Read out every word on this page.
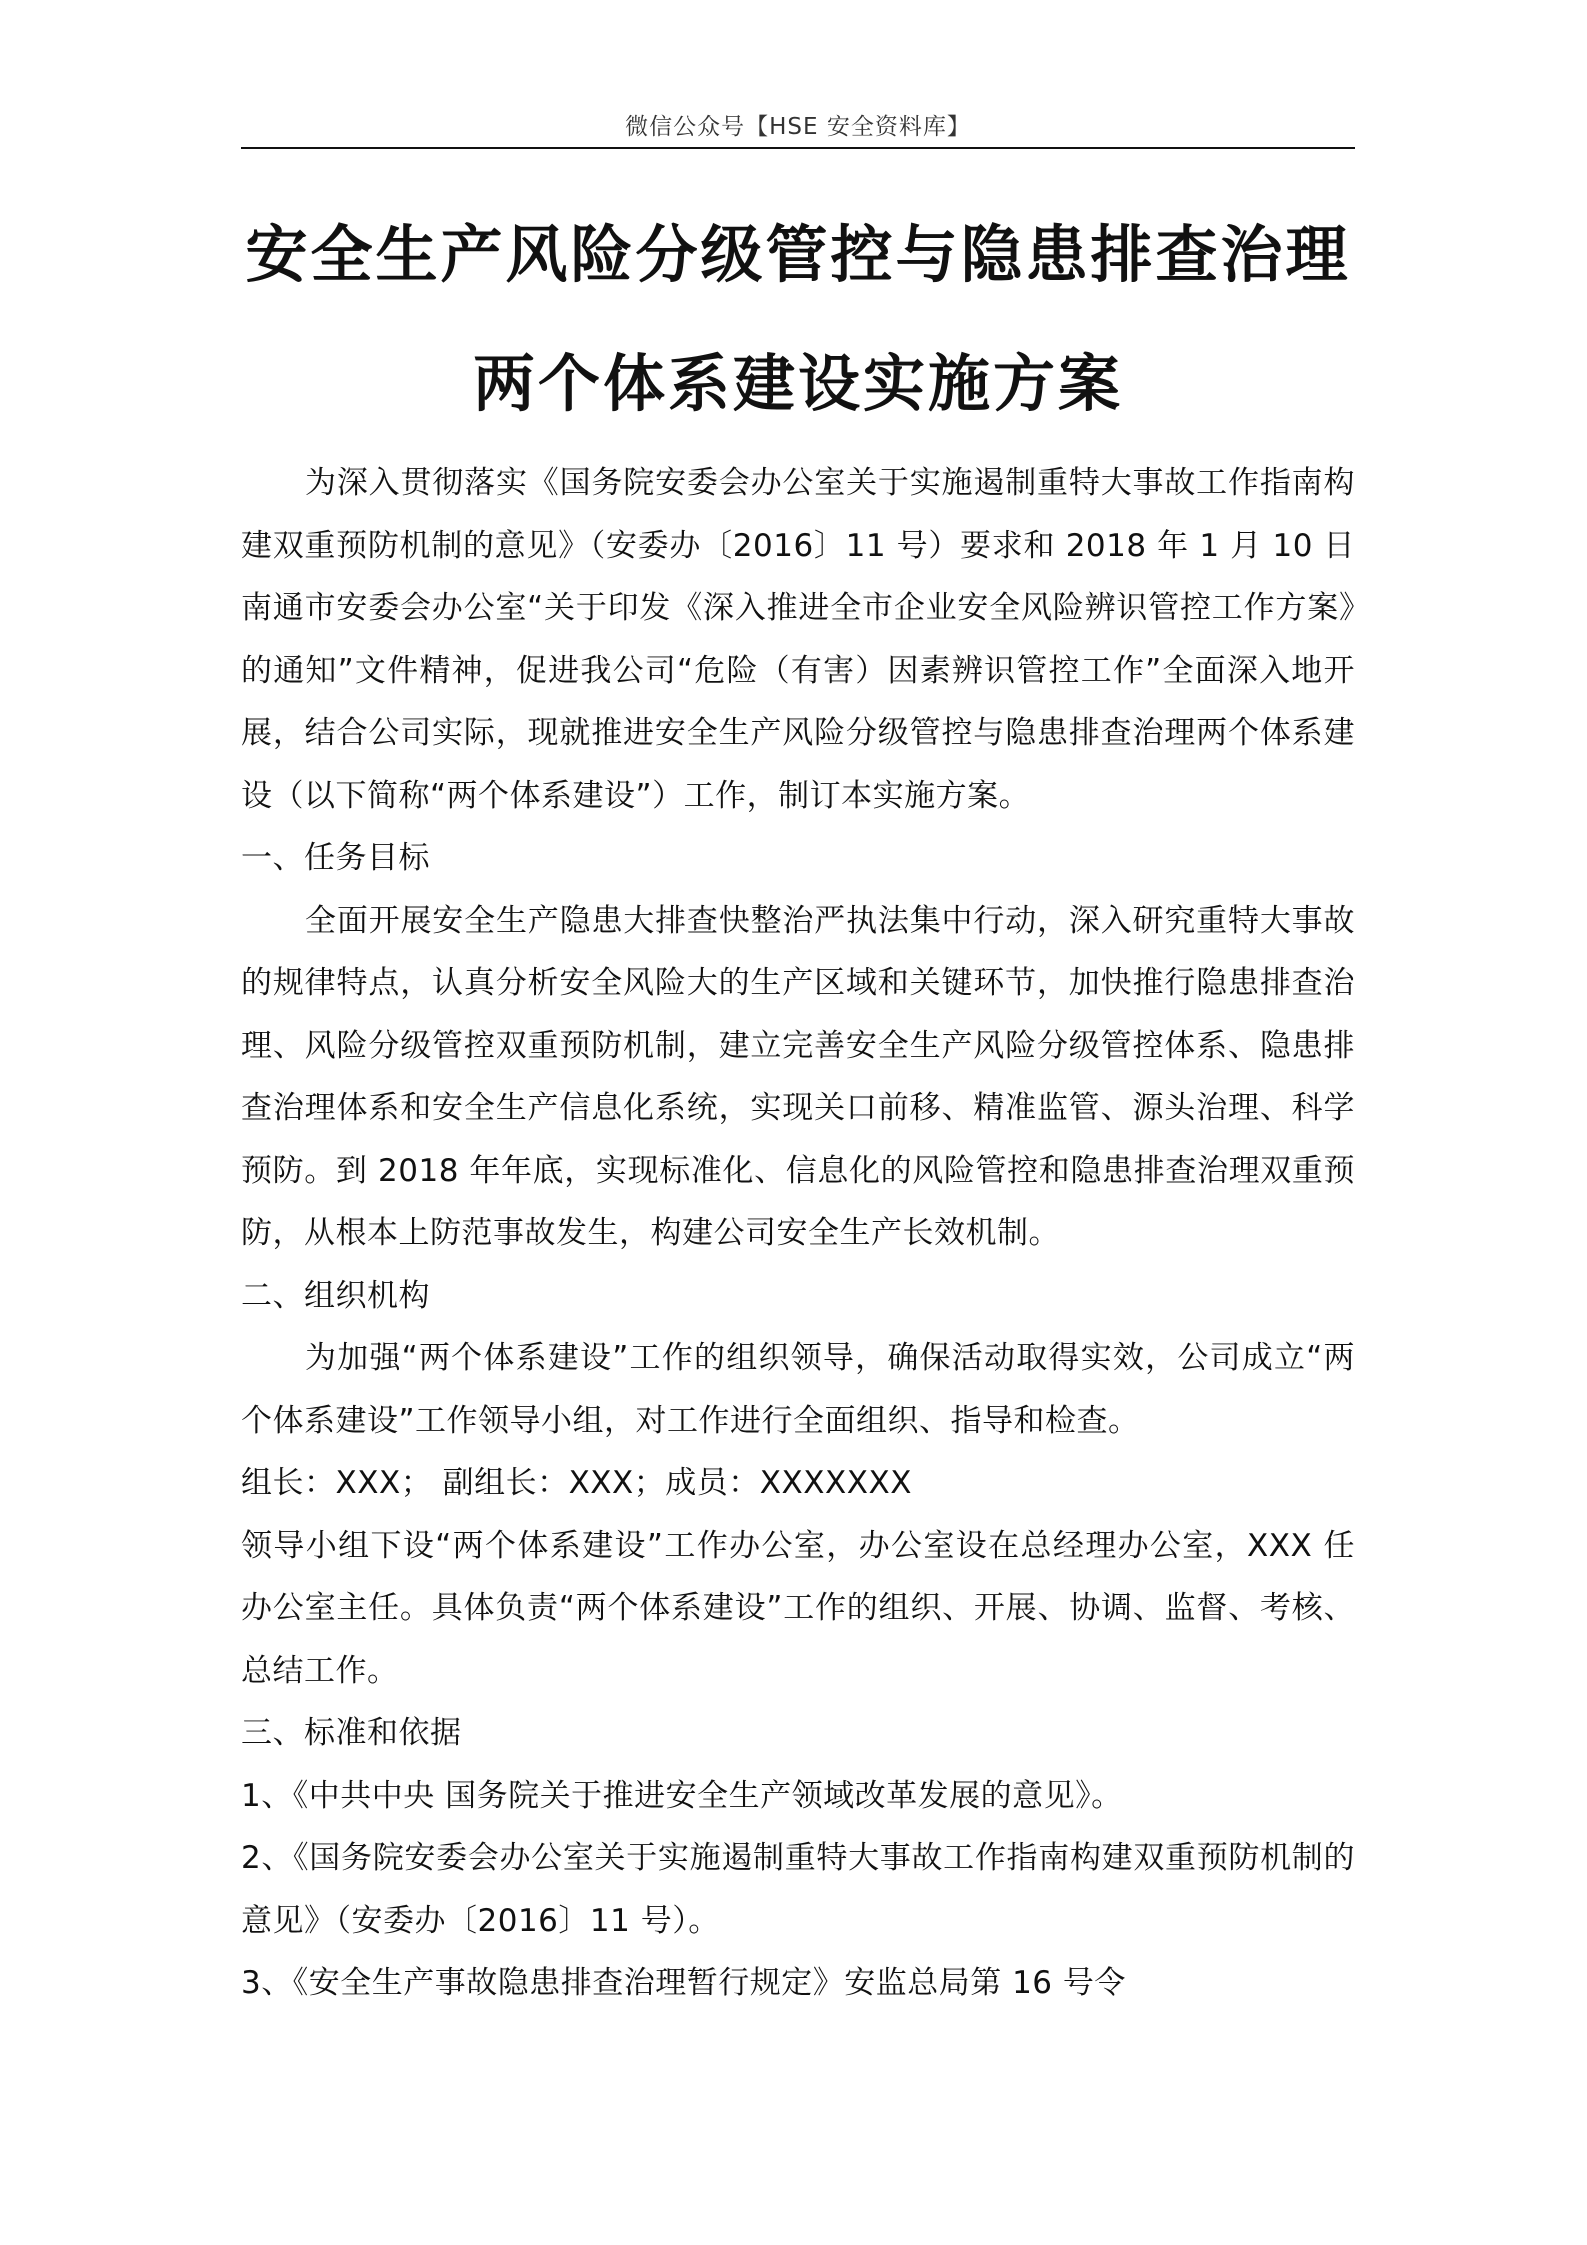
微信公众号【HSE 安全资料库】
安全生产风险分级管控与隐患排查治理
两个体系建设实施方案

为深入贯彻落实《国务院安委会办公室关于实施遏制重特大事故工作指南构建双重预防机制的意见》（安委办〔2016〕11 号）要求和 2018 年 1 月 10 日南通市安委会办公室“关于印发《深入推进全市企业安全风险辨识管控工作方案》的通知”文件精神，促进我公司“危险（有害）因素辨识管控工作”全面深入地开展，结合公司实际，现就推进安全生产风险分级管控与隐患排查治理两个体系建设（以下简称“两个体系建设”）工作，制订本实施方案。

一、任务目标

全面开展安全生产隐患大排查快整治严执法集中行动，深入研究重特大事故的规律特点，认真分析安全风险大的生产区域和关键环节，加快推行隐患排查治理、风险分级管控双重预防机制，建立完善安全生产风险分级管控体系、隐患排查治理体系和安全生产信息化系统，实现关口前移、精准监管、源头治理、科学预防。到 2018 年年底，实现标准化、信息化的风险管控和隐患排查治理双重预防，从根本上防范事故发生，构建公司安全生产长效机制。

二、组织机构

为加强“两个体系建设”工作的组织领导，确保活动取得实效，公司成立“两个体系建设”工作领导小组，对工作进行全面组织、指导和检查。

组长：XXX； 副组长：XXX；成员：XXXXXXX

领导小组下设“两个体系建设”工作办公室，办公室设在总经理办公室，XXX 任办公室主任。具体负责“两个体系建设”工作的组织、开展、协调、监督、考核、总结工作。

三、标准和依据

1、《中共中央 国务院关于推进安全生产领域改革发展的意见》。

2、《国务院安委会办公室关于实施遏制重特大事故工作指南构建双重预防机制的意见》（安委办〔2016〕11 号）。

3、《安全生产事故隐患排查治理暂行规定》安监总局第 16 号令
